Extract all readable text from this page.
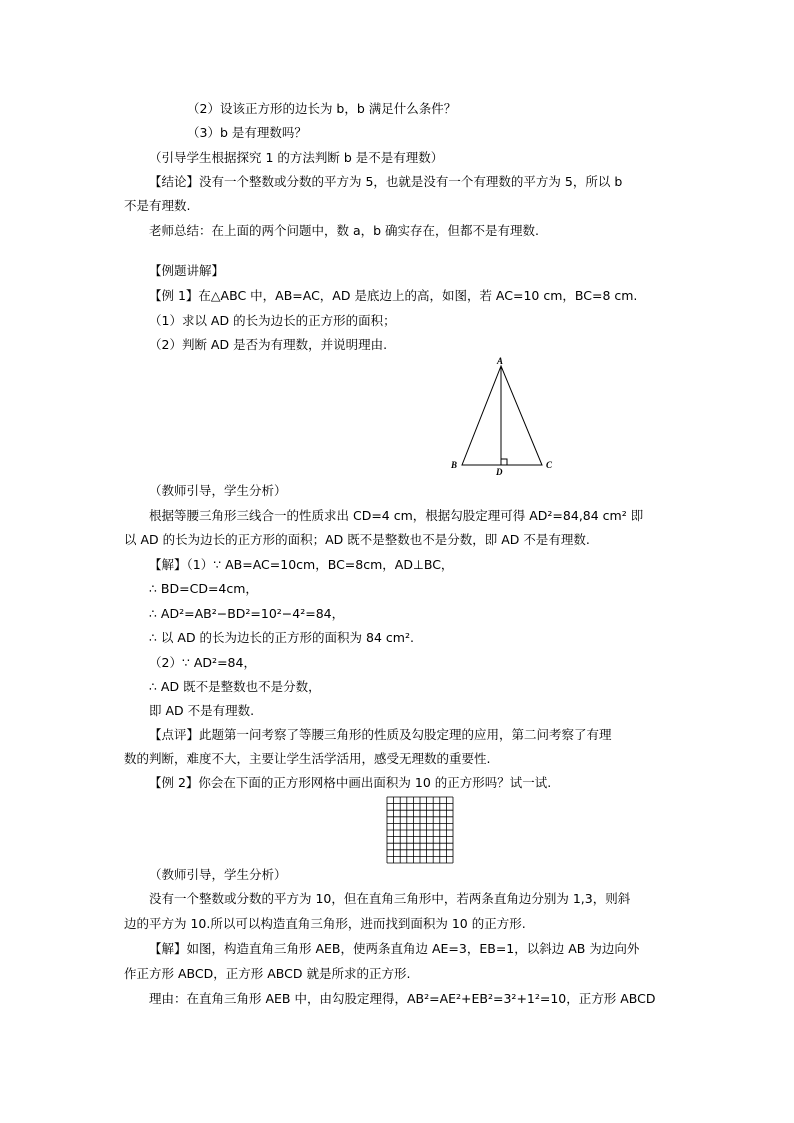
（2）设该正方形的边长为 b，b 满足什么条件？
（3）b 是有理数吗？
（引导学生根据探究 1 的方法判断 b 是不是有理数）
【结论】没有一个整数或分数的平方为 5，也就是没有一个有理数的平方为 5，所以 b
不是有理数.
老师总结：在上面的两个问题中，数 a，b 确实存在，但都不是有理数.
【例题讲解】
【例 1】在△ABC 中，AB=AC，AD 是底边上的高，如图，若 AC=10 cm，BC=8 cm.
（1）求以 AD 的长为边长的正方形的面积；
（2）判断 AD 是否为有理数，并说明理由.
A
B	C
D
（教师引导，学生分析）
根据等腰三角形三线合一的性质求出 CD=4 cm，根据勾股定理可得 AD²=84,84 cm² 即
以 AD 的长为边长的正方形的面积；AD 既不是整数也不是分数，即 AD 不是有理数.
【解】（1）∵ AB=AC=10cm，BC=8cm，AD⊥BC，
∴ BD=CD=4cm，
∴ AD²=AB²−BD²=10²−4²=84，
∴ 以 AD 的长为边长的正方形的面积为 84 cm².
（2）∵ AD²=84，
∴ AD 既不是整数也不是分数，
即 AD 不是有理数.
【点评】此题第一问考察了等腰三角形的性质及勾股定理的应用，第二问考察了有理
数的判断，难度不大，主要让学生活学活用，感受无理数的重要性.
【例 2】你会在下面的正方形网格中画出面积为 10 的正方形吗？试一试.
（教师引导，学生分析）
没有一个整数或分数的平方为 10，但在直角三角形中，若两条直角边分别为 1,3，则斜
边的平方为 10.所以可以构造直角三角形，进而找到面积为 10 的正方形.
【解】如图，构造直角三角形 AEB，使两条直角边 AE=3，EB=1，以斜边 AB 为边向外
作正方形 ABCD，正方形 ABCD 就是所求的正方形.
理由：在直角三角形 AEB 中，由勾股定理得，AB²=AE²+EB²=3²+1²=10，正方形 ABCD
